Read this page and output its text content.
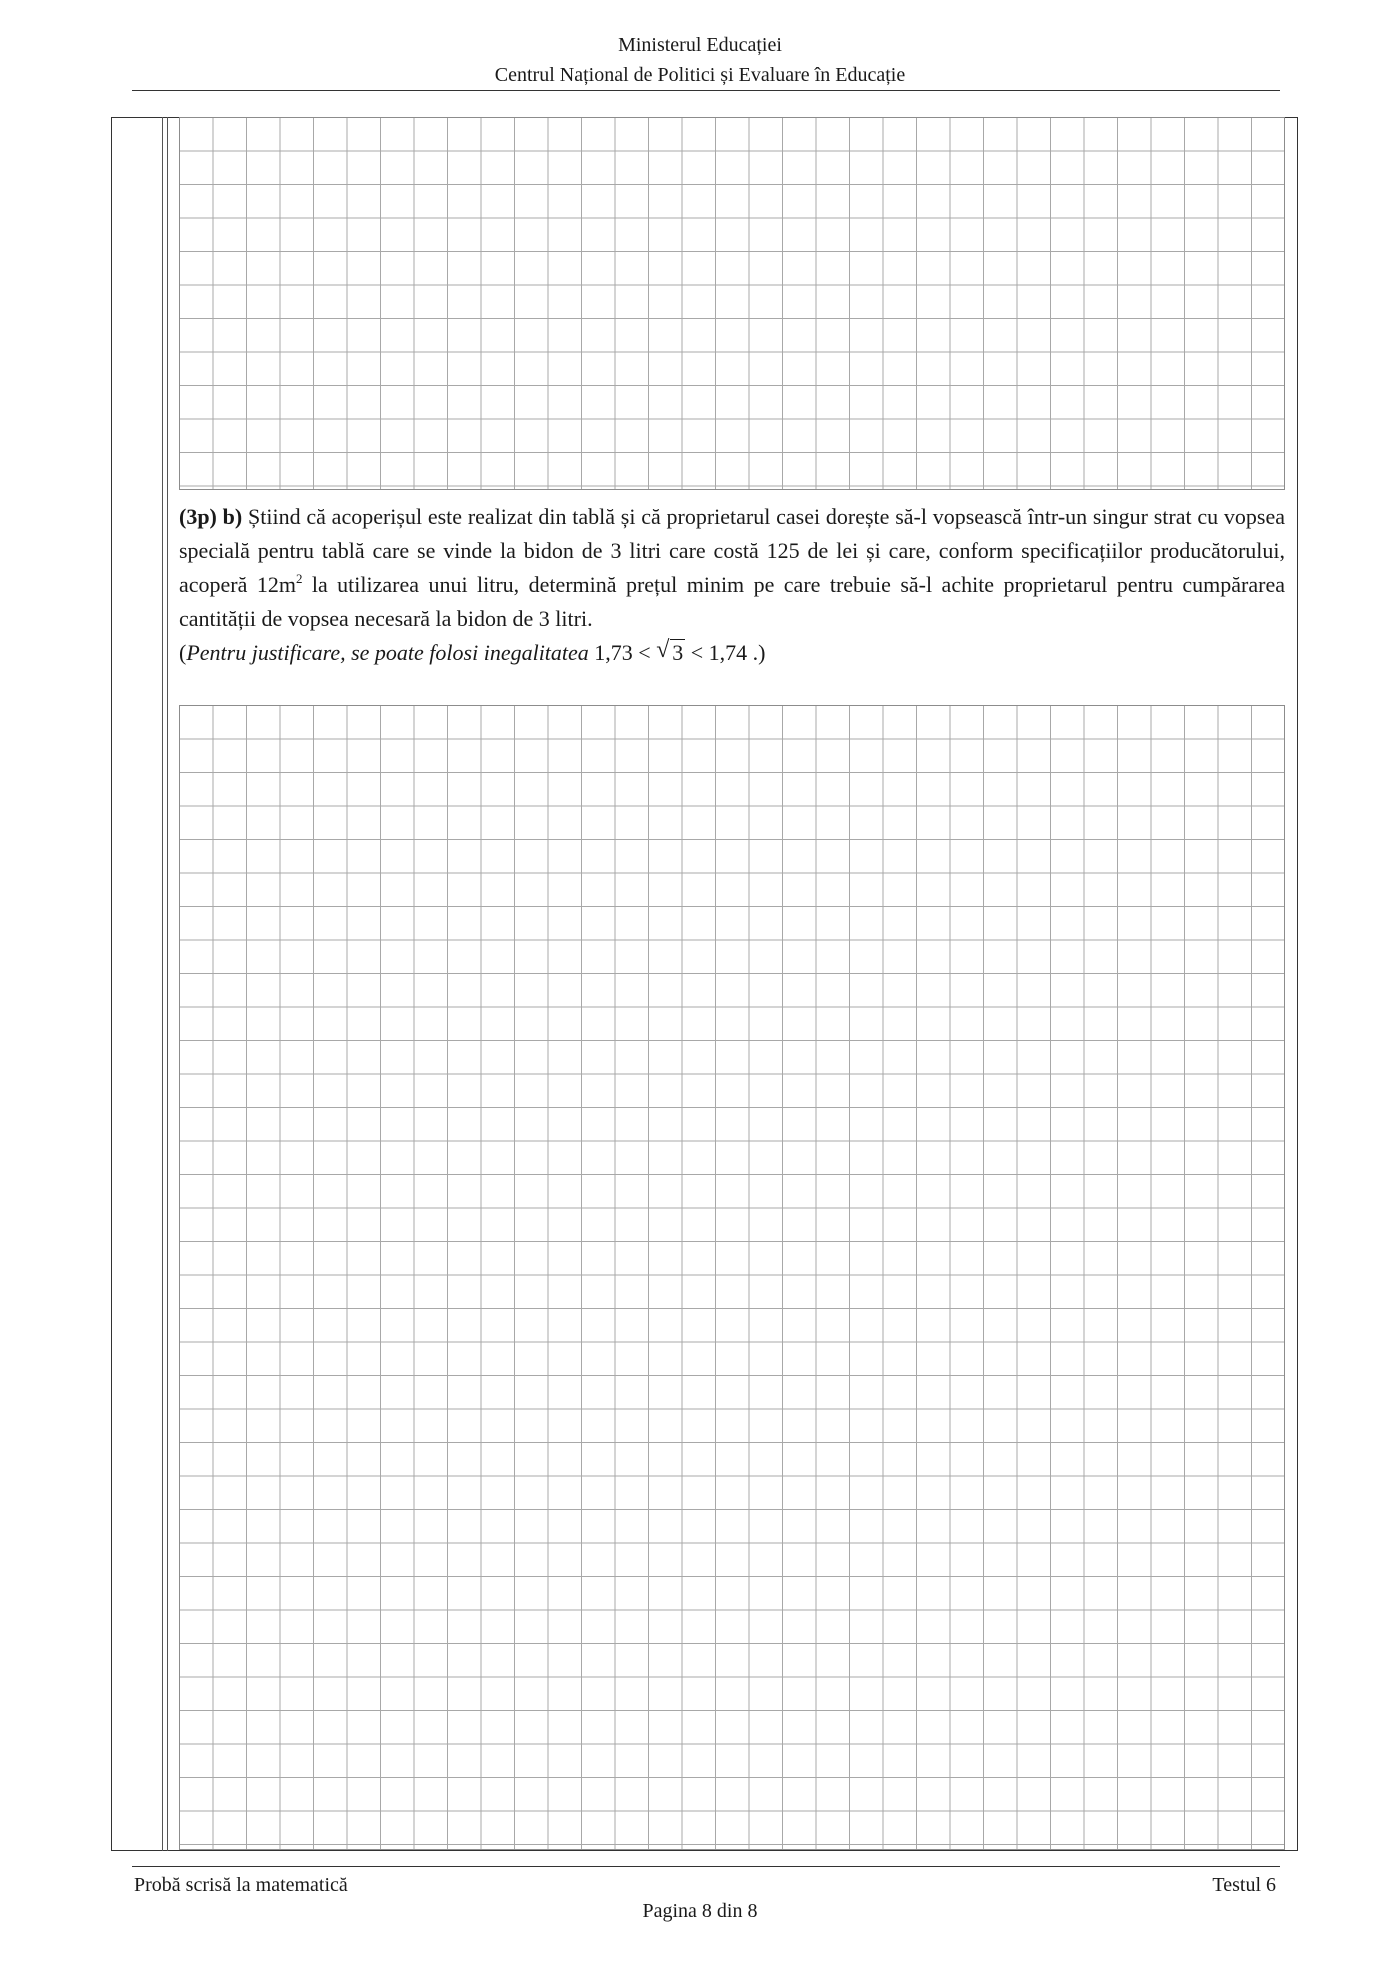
Ministerul Educației
Centrul Național de Politici și Evaluare în Educație
(3p) b) Știind că acoperișul este realizat din tablă și că proprietarul casei dorește să-l vopsească într-un singur strat cu vopsea specială pentru tablă care se vinde la bidon de 3 litri care costă 125 de lei și care, conform specificațiilor producătorului, acoperă $12m^2$ la utilizarea unui litru, determină prețul minim pe care trebuie să-l achite proprietarul pentru cumpărarea cantității de vopsea necesară la bidon de 3 litri.
(Pentru justificare, se poate folosi inegalitatea 1,73 < √ 3 < 1,74 .)
Probă scrisă la matematică	Testul 6
Pagina 8 din 8
